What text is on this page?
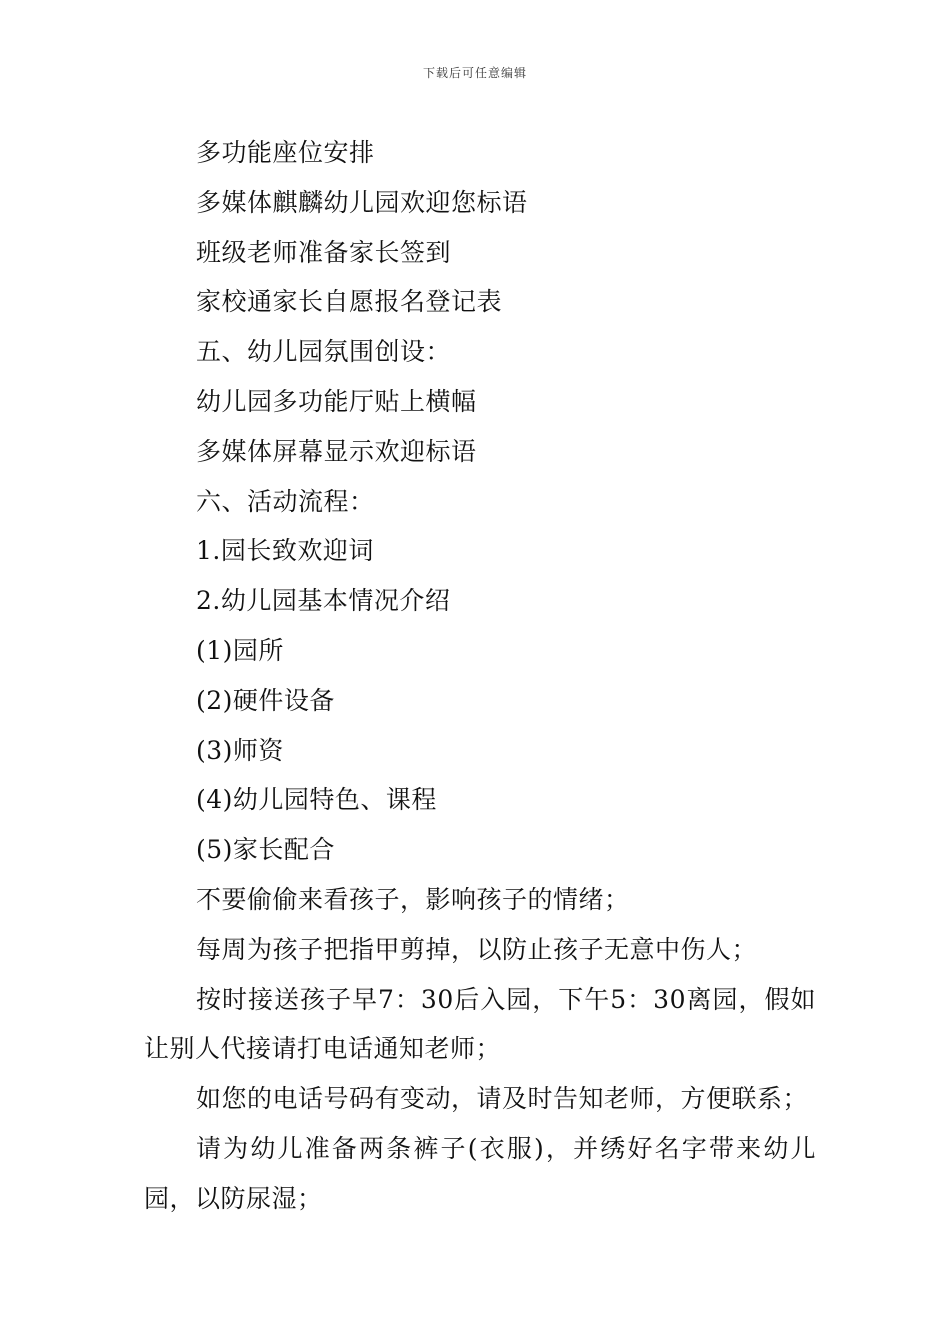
下载后可任意编辑
多功能座位安排
多媒体麒麟幼儿园欢迎您标语
班级老师准备家长签到
家校通家长自愿报名登记表
五、幼儿园氛围创设：
幼儿园多功能厅贴上横幅
多媒体屏幕显示欢迎标语
六、活动流程：
1.园长致欢迎词
2.幼儿园基本情况介绍
(1)园所
(2)硬件设备
(3)师资
(4)幼儿园特色、课程
(5)家长配合
不要偷偷来看孩子，影响孩子的情绪；
每周为孩子把指甲剪掉，以防止孩子无意中伤人；
按时接送孩子早7：30后入园，下午5：30离园，假如让别人代接请打电话通知老师；
如您的电话号码有变动，请及时告知老师，方便联系；
请为幼儿准备两条裤子(衣服)，并绣好名字带来幼儿园，以防尿湿；
